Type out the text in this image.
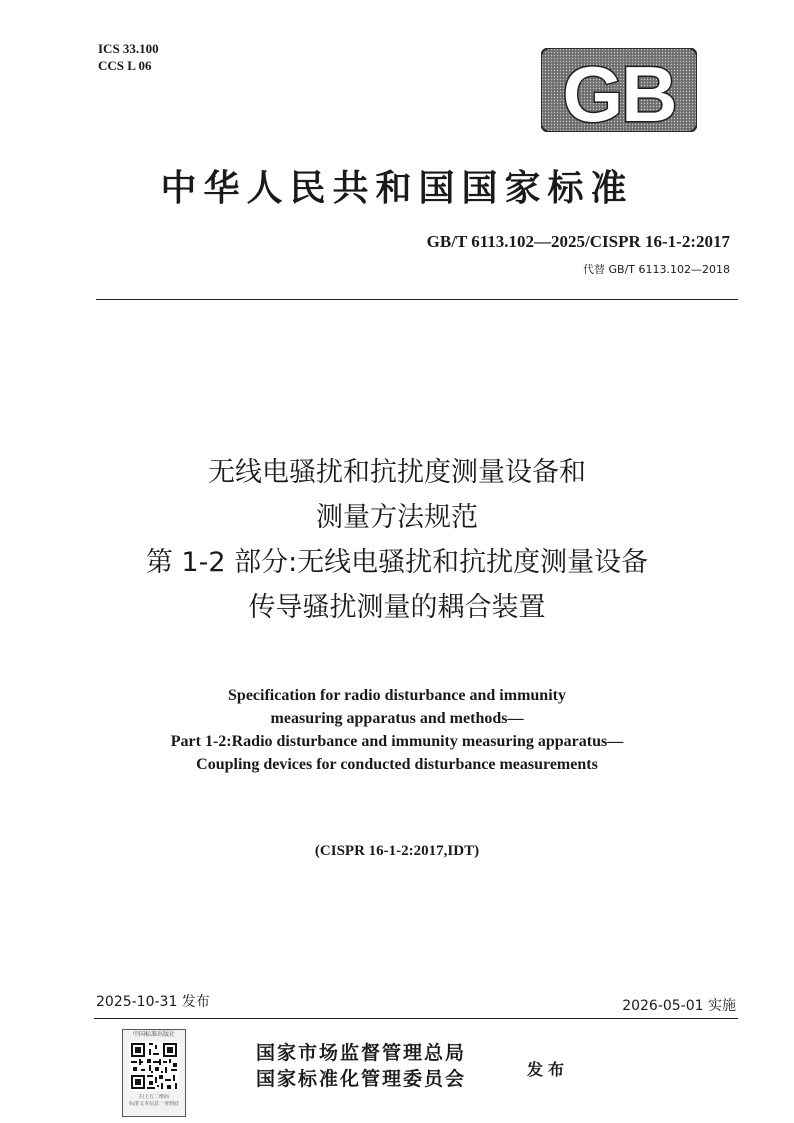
ICS 33.100
CCS L 06	GB
中华人民共和国国家标准
GB/T 6113.102—2025/CISPR 16-1-2:2017
代替 GB/T 6113.102—2018
无线电骚扰和抗扰度测量设备和
测量方法规范
第 1-2 部分:无线电骚扰和抗扰度测量设备
传导骚扰测量的耦合装置
Specification for radio disturbance and immunity
measuring apparatus and methods—
Part 1-2:Radio disturbance and immunity measuring apparatus—
Coupling devices for conducted disturbance measurements
(CISPR 16-1-2:2017,IDT)
2025-10-31 发布	2026-05-01 实施
中国标准出版社
扫上方二维码
标准文本信息一查到底
国家市场监督管理总局
国家标准化管理委员会	发布
